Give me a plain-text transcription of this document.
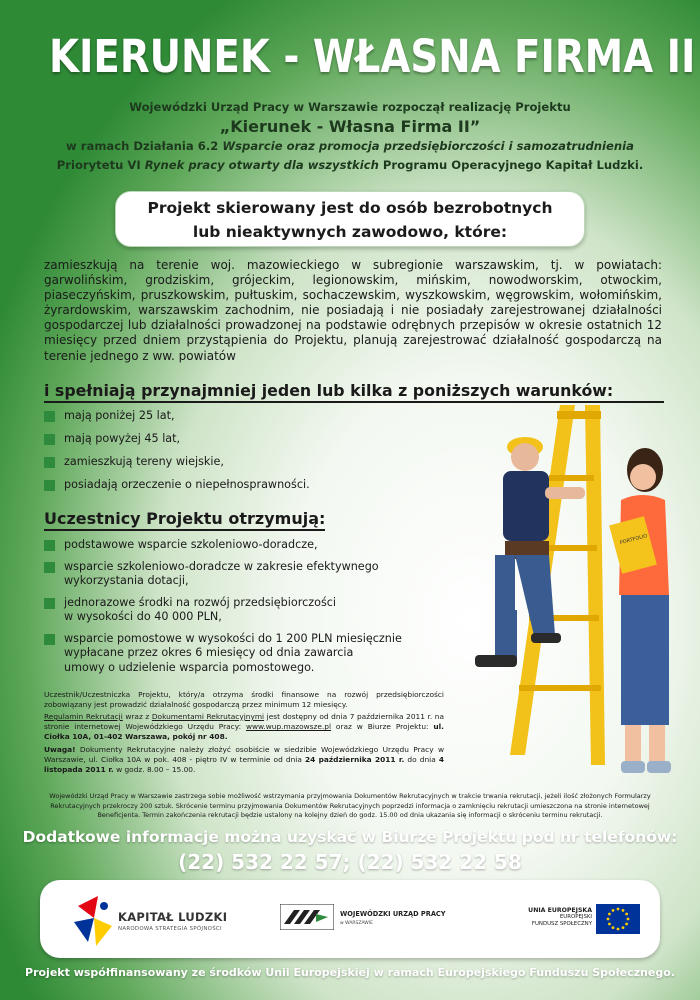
KIERUNEK - WŁASNA FIRMA II
Wojewódzki Urząd Pracy w Warszawie rozpoczął realizację Projektu
„Kierunek - Własna Firma II”
w ramach Działania 6.2 Wsparcie oraz promocja przedsiębiorczości i samozatrudnienia
Priorytetu VI Rynek pracy otwarty dla wszystkich Programu Operacyjnego Kapitał Ludzki.
Projekt skierowany jest do osób bezrobotnych
lub nieaktywnych zawodowo, które:

zamieszkują na terenie woj. mazowieckiego w subregionie warszawskim, tj. w powiatach: garwolińskim, grodziskim, grójeckim, legionowskim, mińskim, nowodworskim, otwockim, piaseczyńskim, pruszkowskim, pułtuskim, sochaczewskim, wyszkowskim, węgrowskim, wołomińskim, żyrardowskim, warszawskim zachodnim, nie posiadają i nie posiadały zarejestrowanej działalności gospodarczej lub działalności prowadzonej na podstawie odrębnych przepisów w okresie ostatnich 12 miesięcy przed dniem przystąpienia do Projektu, planują zarejestrować działalność gospodarczą na terenie jednego z ww. powiatów

i spełniają przynajmniej jeden lub kilka z poniższych warunków:
mają poniżej 25 lat,
mają powyżej 45 lat,
zamieszkują tereny wiejskie,
posiadają orzeczenie o niepełnosprawności.
Uczestnicy Projektu otrzymują:
podstawowe wsparcie szkoleniowo-doradcze,
wsparcie szkoleniowo-doradcze w zakresie efektywnego
wykorzystania dotacji,
jednorazowe środki na rozwój przedsiębiorczości
w wysokości do 40 000 PLN,
wsparcie pomostowe w wysokości do 1 200 PLN miesięcznie
wypłacane przez okres 6 miesięcy od dnia zawarcia
umowy o udzielenie wsparcia pomostowego.
Uczestnik/Uczestniczka Projektu, który/a otrzyma środki finansowe na rozwój przedsiębiorczości zobowiązany jest prowadzić działalność gospodarczą przez minimum 12 miesięcy.
Regulamin Rekrutacji wraz z Dokumentami Rekrutacyjnymi jest dostępny od dnia 7 października 2011 r. na stronie internetowej Wojewódzkiego Urzędu Pracy: www.wup.mazowsze.pl oraz w Biurze Projektu: ul. Ciołka 10A, 01-402 Warszawa, pokój nr 408.
Uwaga! Dokumenty Rekrutacyjne należy złożyć osobiście w siedzibie Wojewódzkiego Urzędu Pracy w Warszawie, ul. Ciołka 10A w pok. 408 - piętro IV w terminie od dnia 24 października 2011 r. do dnia 4 listopada 2011 r. w godz. 8.00 – 15.00.
PORTFOLIO
Wojewódzki Urząd Pracy w Warszawie zastrzega sobie możliwość wstrzymania przyjmowania Dokumentów Rekrutacyjnych w trakcie trwania rekrutacji, jeżeli ilość złożonych Formularzy Rekrutacyjnych przekroczy 200 sztuk. Skrócenie terminu przyjmowania Dokumentów Rekrutacyjnych poprzedzi informacja o zamknięciu rekrutacji umieszczona na stronie internetowej Beneficjenta. Termin zakończenia rekrutacji będzie ustalony na kolejny dzień do godz. 15.00 od dnia ukazania się informacji o skróceniu terminu rekrutacji.
Dodatkowe informacje można uzyskać w Biurze Projektu pod nr telefonów:
(22) 532 22 57; (22) 532 22 58
KAPITAŁ LUDZKI
NARODOWA STRATEGIA SPÓJNOŚCI
WOJEWÓDZKI URZĄD PRACY
w WARSZAWIE
UNIA EUROPEJSKA
EUROPEJSKI
FUNDUSZ SPOŁECZNY
Projekt współfinansowany ze środków Unii Europejskiej w ramach Europejskiego Funduszu Społecznego.
